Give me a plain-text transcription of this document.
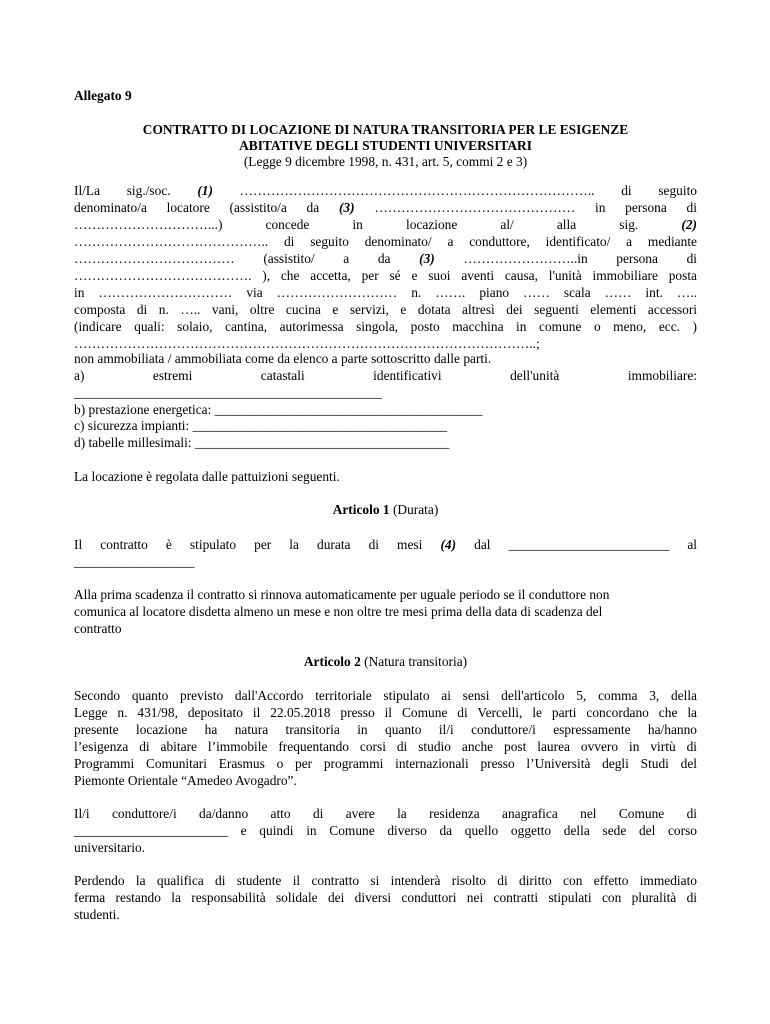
Allegato 9
CONTRATTO DI LOCAZIONE DI NATURA TRANSITORIA PER LE ESIGENZE
ABITATIVE DEGLI STUDENTI UNIVERSITARI
(Legge 9 dicembre 1998, n. 431, art. 5, commi 2 e 3)
Il/La sig./soc. (1) …………………………………………………………………….. di seguito
denominato/a locatore (assistito/a da (3) ……………………………………… in persona di
…………………………...) concede in locazione al/ alla sig.	(2)
…………………………………….. di seguito denominato/ a conduttore, identificato/ a mediante
……………………………… (assistito/ a da (3) ……………………..in persona di
…………………………………. ), che accetta, per sé e suoi aventi causa, l'unità immobiliare posta
in ………………………… via ……………………… n. ……. piano …… scala …… int. …..
composta di n. ….. vani, oltre cucina e servizi, e dotata altresì dei seguenti elementi accessori
(indicare quali: solaio, cantina, autorimessa singola, posto macchina in comune o meno, ecc. )
…………………………………………………………………………………………..;
non ammobiliata / ammobiliata come da elenco a parte sottoscritto dalle parti.
a) estremi catastali identificativi dell'unità immobiliare:
______________________________________________
b) prestazione energetica: ________________________________________
c) sicurezza impianti: ______________________________________
d) tabelle millesimali: ______________________________________
La locazione è regolata dalle pattuizioni seguenti.
Articolo 1 (Durata)
Il contratto è stipulato per la durata di mesi (4) dal ________________________ al
__________________
Alla prima scadenza il contratto si rinnova automaticamente per uguale periodo se il conduttore non
comunica al locatore disdetta almeno un mese e non oltre tre mesi prima della data di scadenza del
contratto
Articolo 2 (Natura transitoria)
Secondo quanto previsto dall'Accordo territoriale stipulato ai sensi dell'articolo 5, comma 3, della
Legge n. 431/98, depositato il 22.05.2018 presso il Comune di Vercelli, le parti concordano che la
presente locazione ha natura transitoria in quanto il/i conduttore/i espressamente ha/hanno
l’esigenza di abitare l’immobile frequentando corsi di studio anche post laurea ovvero in virtù di
Programmi Comunitari Erasmus o per programmi internazionali presso l’Università degli Studi del
Piemonte Orientale “Amedeo Avogadro”.
Il/i conduttore/i da/danno atto di avere la residenza anagrafica nel Comune di
_______________________ e quindi in Comune diverso da quello oggetto della sede del corso
universitario.
Perdendo la qualifica di studente il contratto si intenderà risolto di diritto con effetto immediato
ferma restando la responsabilità solidale dei diversi conduttori nei contratti stipulati con pluralità di
studenti.
